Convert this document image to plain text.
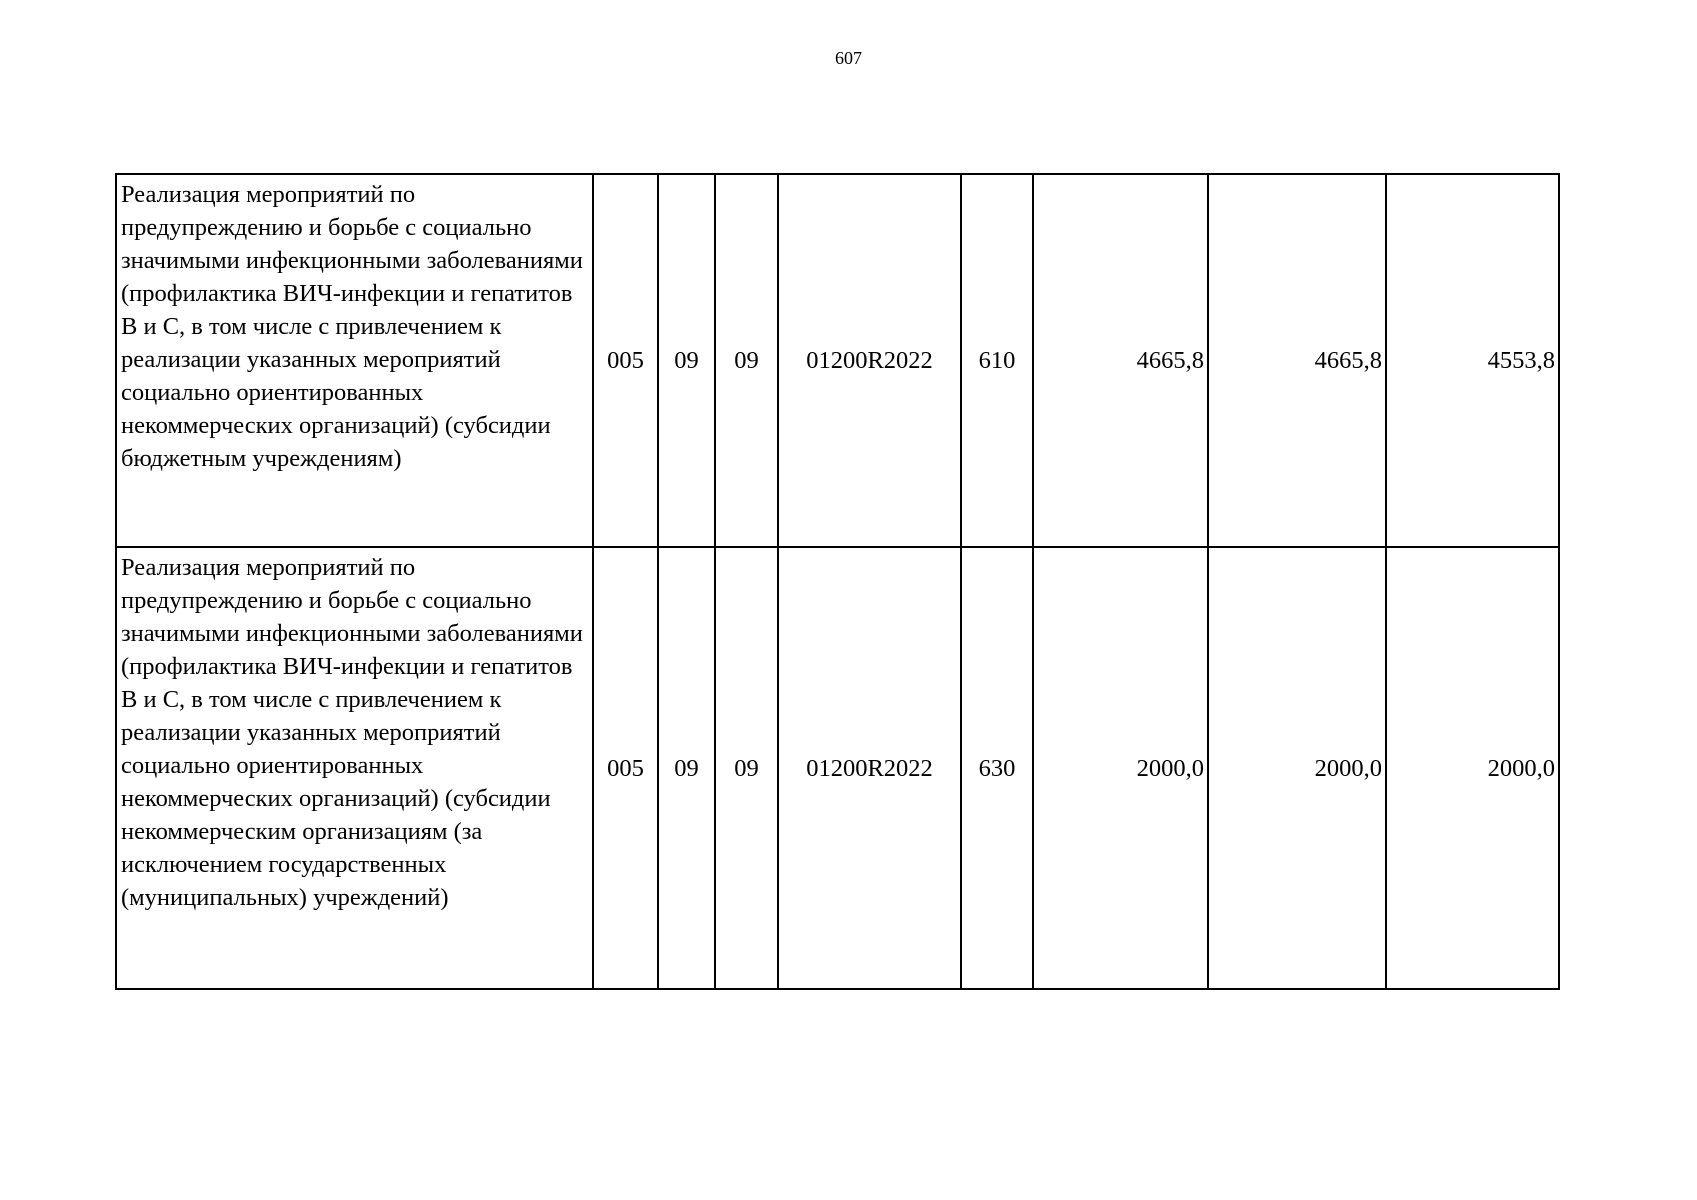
607
Реализация мероприятий по предупреждению и борьбе с социально значимыми инфекционными заболеваниями (профилактика ВИЧ-инфекции и гепатитов В и С, в том числе с привлечением к реализации указанных мероприятий социально ориентированных некоммерческих организаций) (субсидии бюджетным учреждениям)	005	09	09	01200R2022	610	4665,8	4665,8	4553,8
Реализация мероприятий по предупреждению и борьбе с социально значимыми инфекционными заболеваниями (профилактика ВИЧ-инфекции и гепатитов В и С, в том числе с привлечением к реализации указанных мероприятий социально ориентированных некоммерческих организаций) (субсидии некоммерческим организациям (за исключением государственных (муниципальных) учреждений)	005	09	09	01200R2022	630	2000,0	2000,0	2000,0
